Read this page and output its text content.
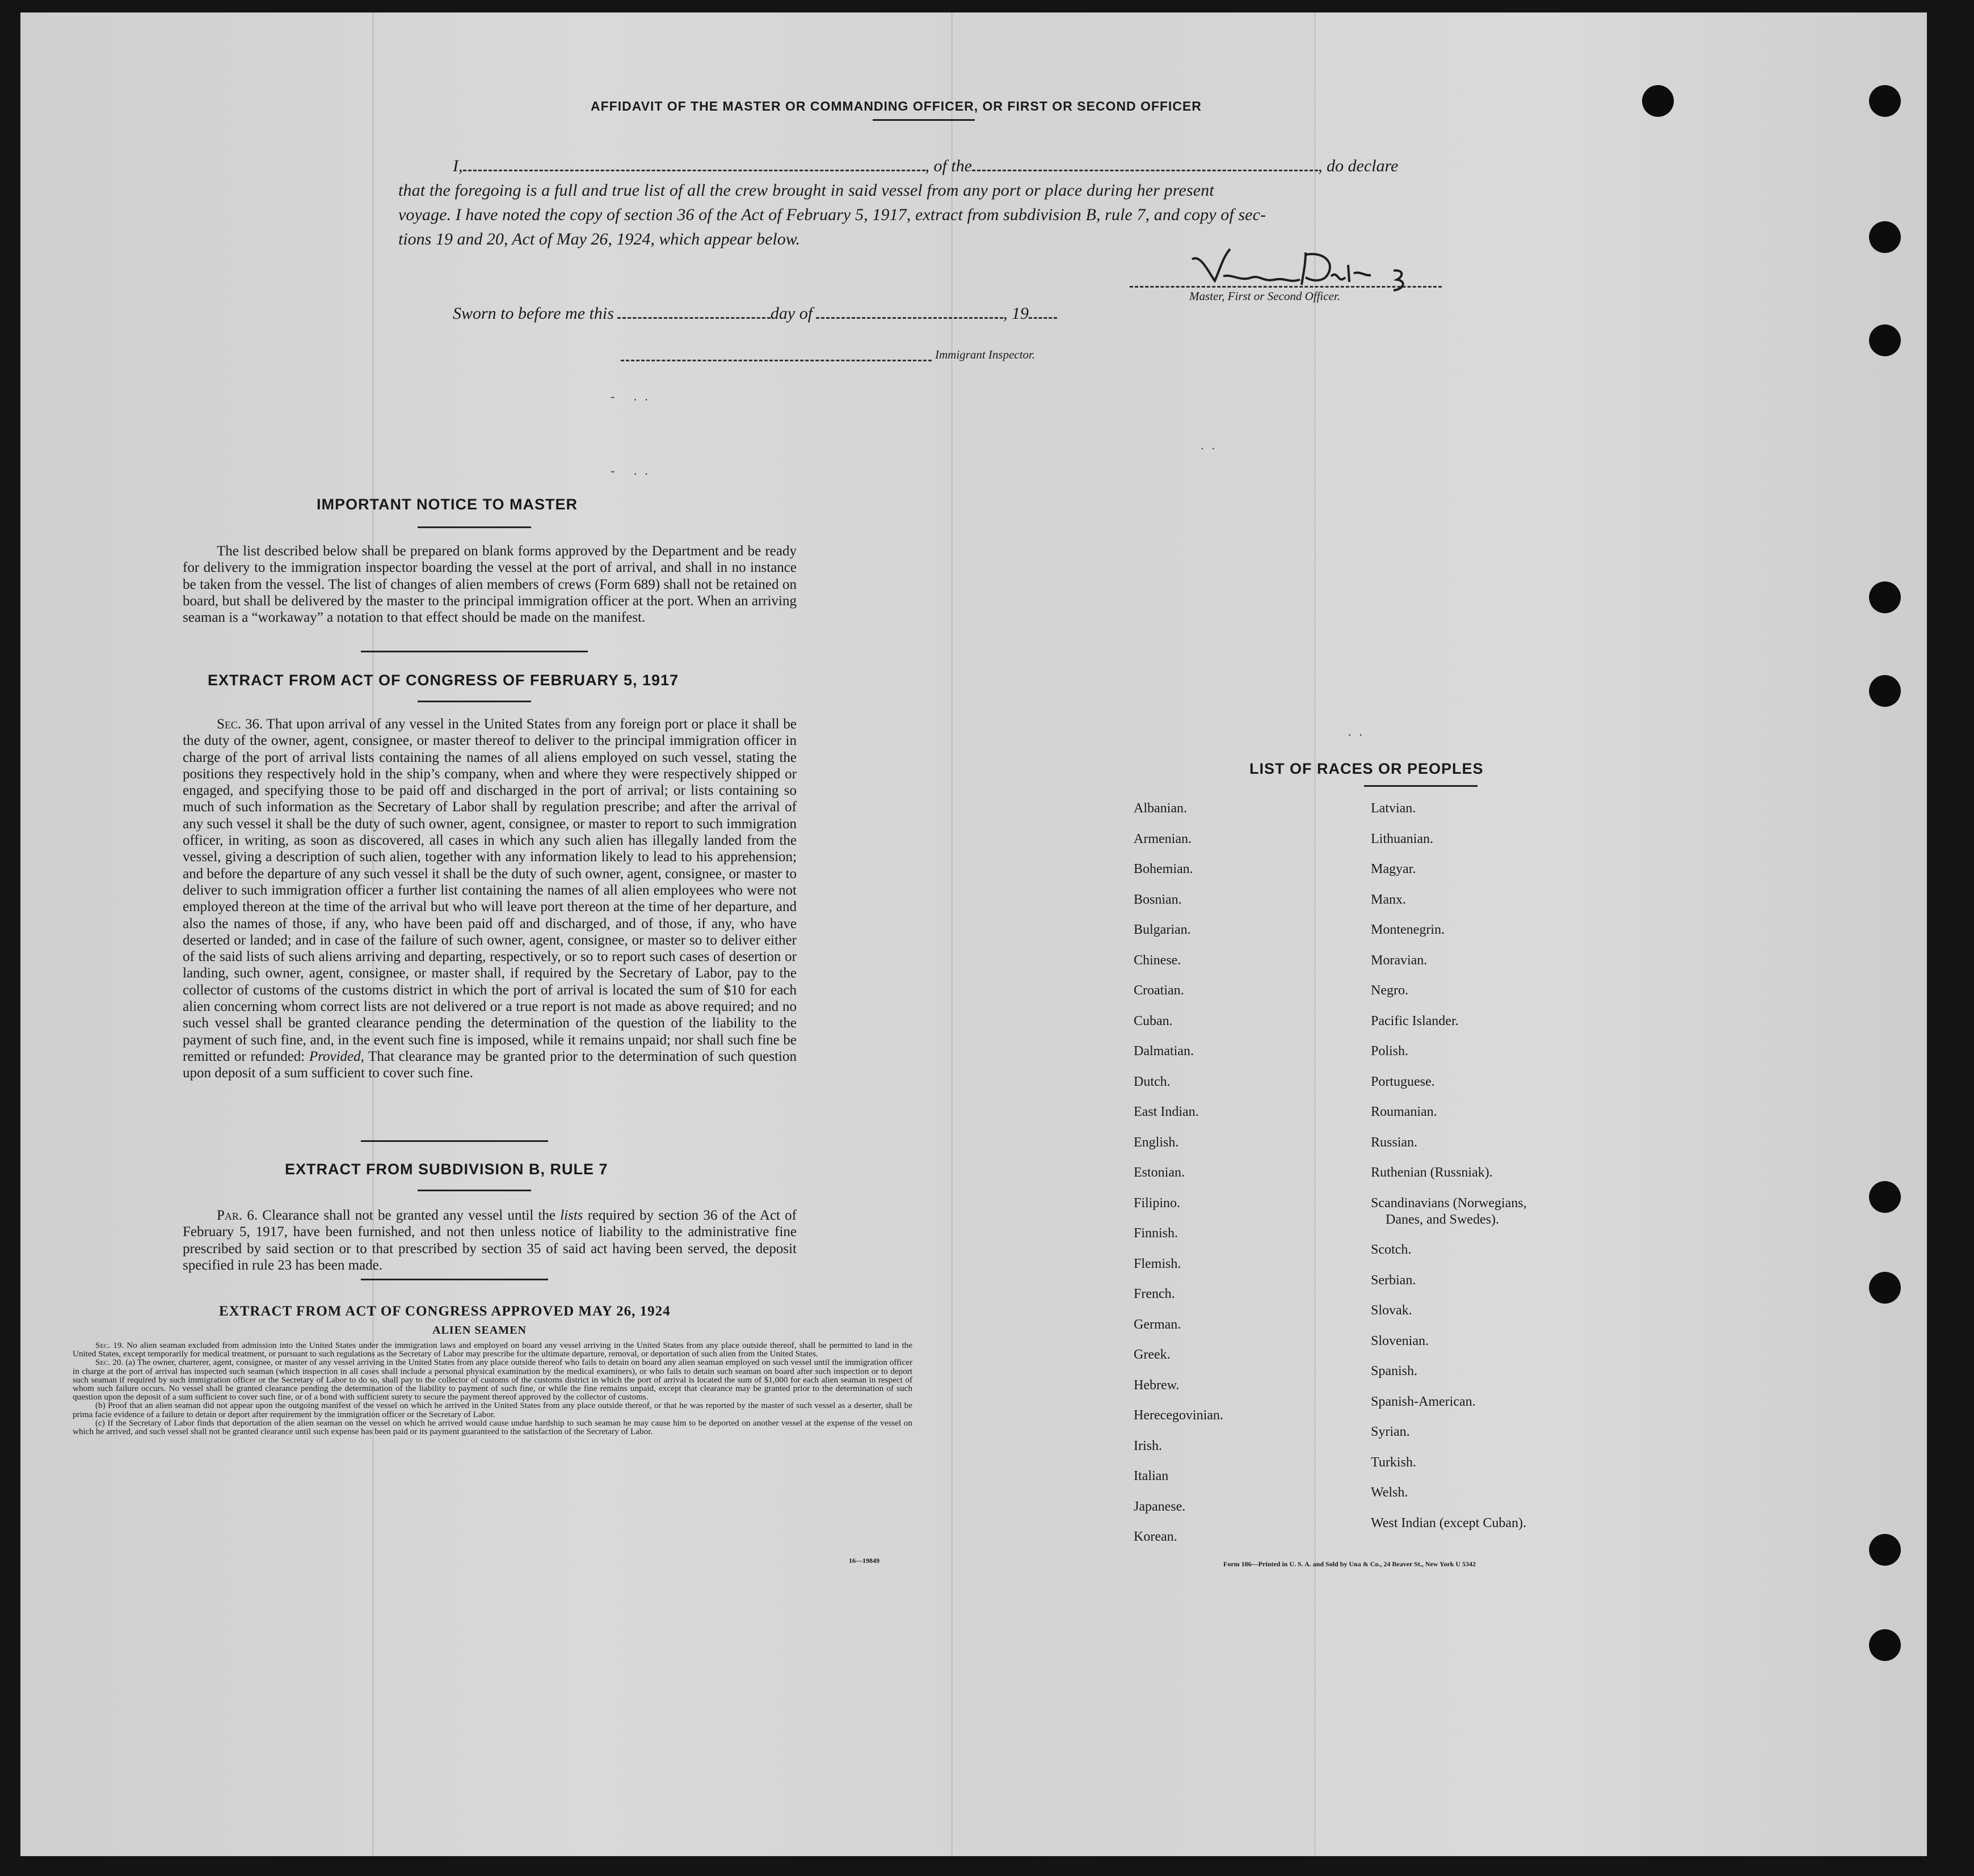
AFFIDAVIT OF THE MASTER OR COMMANDING OFFICER, OR FIRST OR SECOND OFFICER
I,	, of the	, do declare
that the foregoing is a full and true list of all the crew brought in said vessel from any port or place during her present
voyage. I have noted the copy of section 36 of the Act of February 5, 1917, extract from subdivision B, rule 7, and copy of sec-
tions 19 and 20, Act of May 26, 1924, which appear below.
Master, First or Second Officer.
Sworn to before me this	day of	, 19
Immigrant Inspector.
IMPORTANT NOTICE TO MASTER

The list described below shall be prepared on blank forms approved by the Department and be ready for delivery to the immigration inspector boarding the vessel at the port of arrival, and shall in no instance be taken from the vessel. The list of changes of alien members of crews (Form 689) shall not be retained on board, but shall be delivered by the master to the principal immigration officer at the port. When an arriving seaman is a “workaway” a notation to that effect should be made on the manifest.

EXTRACT FROM ACT OF CONGRESS OF FEBRUARY 5, 1917

Sec. 36. That upon arrival of any vessel in the United States from any foreign port or place it shall be the duty of the owner, agent, consignee, or master thereof to deliver to the principal immigration officer in charge of the port of arrival lists containing the names of all aliens employed on such vessel, stating the positions they respectively hold in the ship’s company, when and where they were respectively shipped or engaged, and specifying those to be paid off and discharged in the port of arrival; or lists containing so much of such information as the Secretary of Labor shall by regulation prescribe; and after the arrival of any such vessel it shall be the duty of such owner, agent, consignee, or master to report to such immigration officer, in writing, as soon as discovered, all cases in which any such alien has illegally landed from the vessel, giving a description of such alien, together with any information likely to lead to his apprehension; and before the departure of any such vessel it shall be the duty of such owner, agent, consignee, or master to deliver to such immigration officer a further list containing the names of all alien employees who were not employed thereon at the time of the arrival but who will leave port thereon at the time of her departure, and also the names of those, if any, who have been paid off and discharged, and of those, if any, who have deserted or landed; and in case of the failure of such owner, agent, consignee, or master so to deliver either of the said lists of such aliens arriving and departing, respectively, or so to report such cases of desertion or landing, such owner, agent, consignee, or master shall, if required by the Secretary of Labor, pay to the collector of customs of the customs district in which the port of arrival is located the sum of $10 for each alien concerning whom correct lists are not delivered or a true report is not made as above required; and no such vessel shall be granted clearance pending the determination of the question of the liability to the payment of such fine, and, in the event such fine is imposed, while it remains unpaid; nor shall such fine be remitted or refunded: Provided, That clearance may be granted prior to the determination of such question upon deposit of a sum sufficient to cover such fine.

EXTRACT FROM SUBDIVISION B, RULE 7

Par. 6. Clearance shall not be granted any vessel until the lists required by section 36 of the Act of February 5, 1917, have been furnished, and not then unless notice of liability to the administrative fine prescribed by said section or to that prescribed by section 35 of said act having been served, the deposit specified in rule 23 has been made.

EXTRACT FROM ACT OF CONGRESS APPROVED MAY 26, 1924
ALIEN SEAMEN

Sec. 19. No alien seaman excluded from admission into the United States under the immigration laws and employed on board any vessel arriving in the United States from any place outside thereof, shall be permitted to land in the United States, except temporarily for medical treatment, or pursuant to such regulations as the Secretary of Labor may prescribe for the ultimate departure, removal, or deportation of such alien from the United States.

Sec. 20. (a) The owner, charterer, agent, consignee, or master of any vessel arriving in the United States from any place outside thereof who fails to detain on board any alien seaman employed on such vessel until the immigration officer in charge at the port of arrival has inspected such seaman (which inspection in all cases shall include a personal physical examination by the medical examiners), or who fails to detain such seaman on board after such inspection or to deport such seaman if required by such immigration officer or the Secretary of Labor to do so, shall pay to the collector of customs of the customs district in which the port of arrival is located the sum of $1,000 for each alien seaman in respect of whom such failure occurs. No vessel shall be granted clearance pending the determination of the liability to payment of such fine, or while the fine remains unpaid, except that clearance may be granted prior to the determination of such question upon the deposit of a sum sufficient to cover such fine, or of a bond with sufficient surety to secure the payment thereof approved by the collector of customs.

(b) Proof that an alien seaman did not appear upon the outgoing manifest of the vessel on which he arrived in the United States from any place outside thereof, or that he was reported by the master of such vessel as a deserter, shall be prima facie evidence of a failure to detain or deport after requirement by the immigration officer or the Secretary of Labor.

(c) If the Secretary of Labor finds that deportation of the alien seaman on the vessel on which he arrived would cause undue hardship to such seaman he may cause him to be deported on another vessel at the expense of the vessel on which he arrived, and such vessel shall not be granted clearance until such expense has been paid or its payment guaranteed to the satisfaction of the Secretary of Labor.

16—19849
LIST OF RACES OR PEOPLES
Albanian.
Armenian.
Bohemian.
Bosnian.
Bulgarian.
Chinese.
Croatian.
Cuban.
Dalmatian.
Dutch.
East Indian.
English.
Estonian.
Filipino.
Finnish.
Flemish.
French.
German.
Greek.
Hebrew.
Herecegovinian.
Irish.
Italian
Japanese.
Korean.
Latvian.
Lithuanian.
Magyar.
Manx.
Montenegrin.
Moravian.
Negro.
Pacific Islander.
Polish.
Portuguese.
Roumanian.
Russian.
Ruthenian (Russniak).
Scandinavians (Norwegians,
Danes, and Swedes).
Scotch.
Serbian.
Slovak.
Slovenian.
Spanish.
Spanish-American.
Syrian.
Turkish.
Welsh.
West Indian (except Cuban).
Form 186—Printed in U. S. A. and Sold by Una & Co., 24 Beaver St., New York U 5342
- ..
- ..
..
..
